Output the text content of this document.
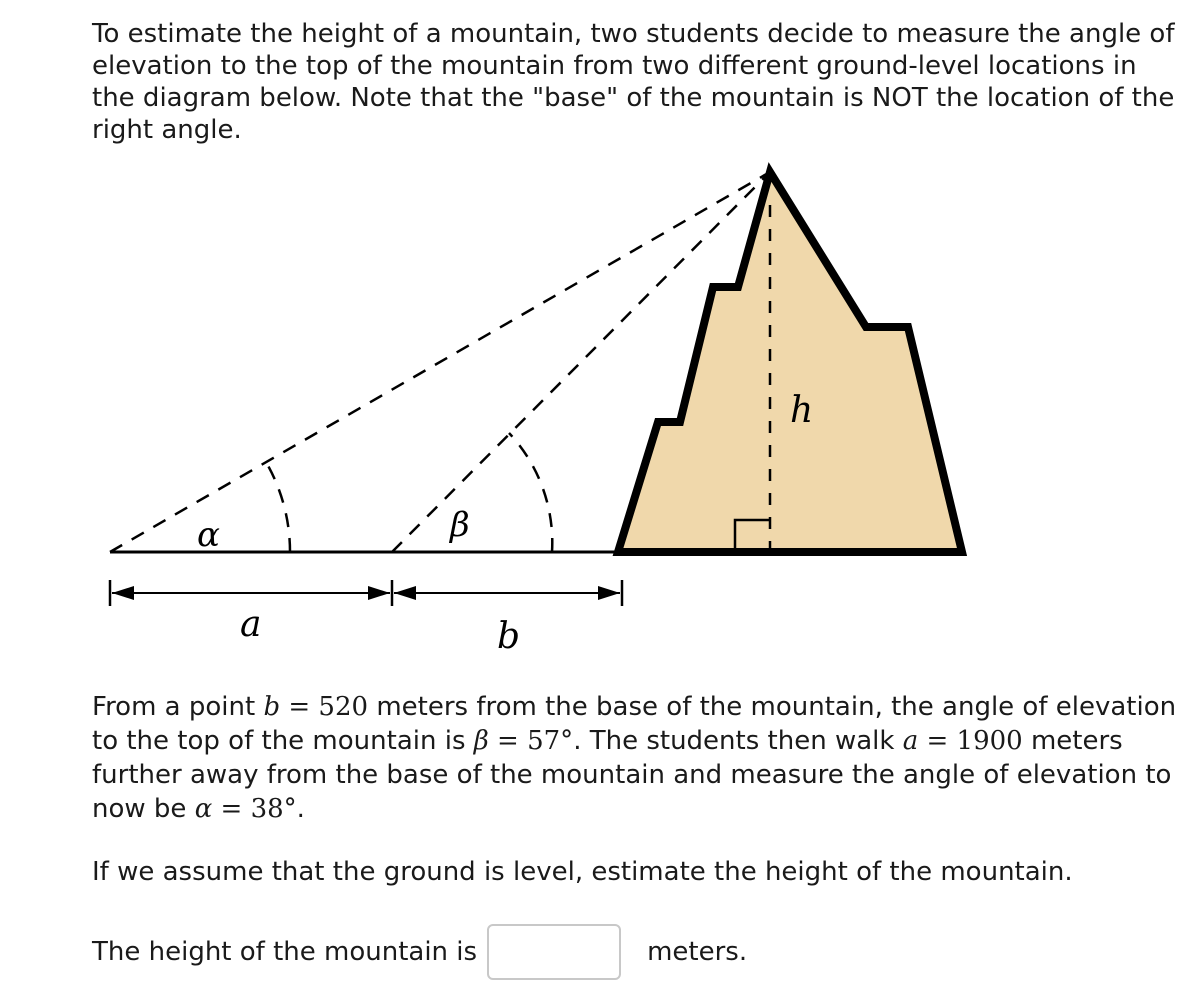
To estimate the height of a mountain, two students decide to measure the angle of elevation to the top of the mountain from two different ground-level locations in the diagram below. Note that the "base" of the mountain is NOT the location of the right angle.

α	β
h
a	b

From a point b = 520 meters from the base of the mountain, the angle of elevation to the top of the mountain is β = 57°. The students then walk a = 1900 meters further away from the base of the mountain and measure the angle of elevation to now be α = 38°.

If we assume that the ground is level, estimate the height of the mountain.

The height of the mountain is	meters.
